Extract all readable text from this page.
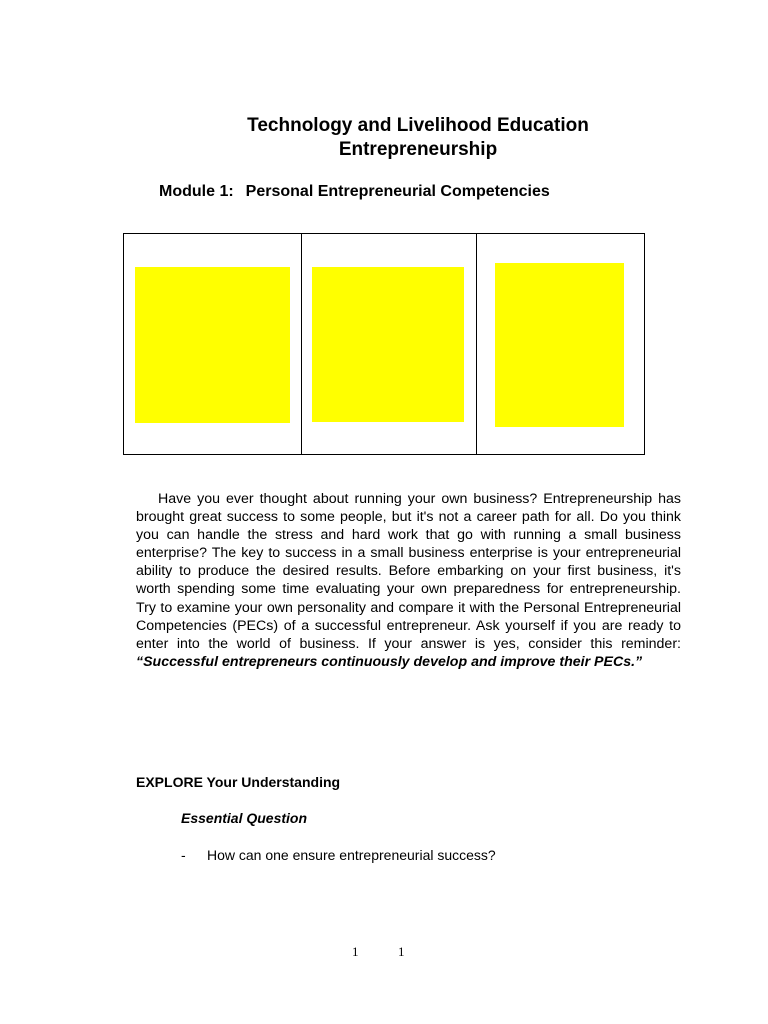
Technology and Livelihood Education
Entrepreneurship
Module 1: Personal Entrepreneurial Competencies
Have you ever thought about running your own business? Entrepreneurship has brought great success to some people, but it's not a career path for all. Do you think you can handle the stress and hard work that go with running a small business enterprise? The key to success in a small business enterprise is your entrepreneurial ability to produce the desired results. Before embarking on your first business, it's worth spending some time evaluating your own preparedness for entrepreneurship. Try to examine your own personality and compare it with the Personal Entrepreneurial Competencies (PECs) of a successful entrepreneur. Ask yourself if you are ready to enter into the world of business. If your answer is yes, consider this reminder: “Successful entrepreneurs continuously develop and improve their PECs.”
EXPLORE Your Understanding
Essential Question
- How can one ensure entrepreneurial success?
1	1
